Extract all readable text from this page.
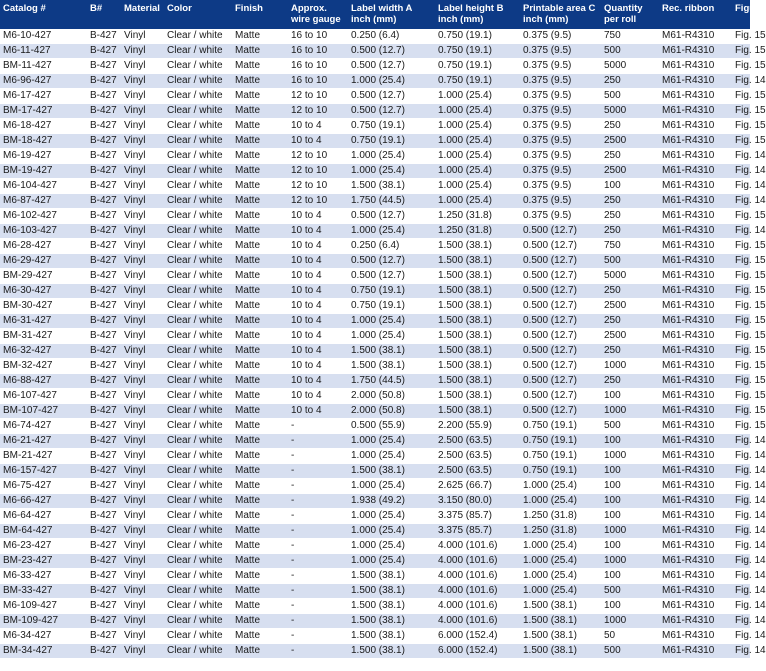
Catalog #	B#	Material	Color	Finish	Approx. wire gauge	Label width A inch (mm)	Label height B inch (mm)	Printable area C inch (mm)	Quantity per roll	Rec. ribbon	Figure
M6-10-427	B-427	Vinyl	Clear / white	Matte	16 to 10	0.250 (6.4)	0.750 (19.1)	0.375 (9.5)	750	M61-R4310	Fig. 15
M6-11-427	B-427	Vinyl	Clear / white	Matte	16 to 10	0.500 (12.7)	0.750 (19.1)	0.375 (9.5)	500	M61-R4310	Fig. 15
BM-11-427	B-427	Vinyl	Clear / white	Matte	16 to 10	0.500 (12.7)	0.750 (19.1)	0.375 (9.5)	5000	M61-R4310	Fig. 15
M6-96-427	B-427	Vinyl	Clear / white	Matte	16 to 10	1.000 (25.4)	0.750 (19.1)	0.375 (9.5)	250	M61-R4310	Fig. 14
M6-17-427	B-427	Vinyl	Clear / white	Matte	12 to 10	0.500 (12.7)	1.000 (25.4)	0.375 (9.5)	500	M61-R4310	Fig. 15
BM-17-427	B-427	Vinyl	Clear / white	Matte	12 to 10	0.500 (12.7)	1.000 (25.4)	0.375 (9.5)	5000	M61-R4310	Fig. 15
M6-18-427	B-427	Vinyl	Clear / white	Matte	10 to 4	0.750 (19.1)	1.000 (25.4)	0.375 (9.5)	250	M61-R4310	Fig. 15
BM-18-427	B-427	Vinyl	Clear / white	Matte	10 to 4	0.750 (19.1)	1.000 (25.4)	0.375 (9.5)	2500	M61-R4310	Fig. 15
M6-19-427	B-427	Vinyl	Clear / white	Matte	12 to 10	1.000 (25.4)	1.000 (25.4)	0.375 (9.5)	250	M61-R4310	Fig. 14
BM-19-427	B-427	Vinyl	Clear / white	Matte	12 to 10	1.000 (25.4)	1.000 (25.4)	0.375 (9.5)	2500	M61-R4310	Fig. 14
M6-104-427	B-427	Vinyl	Clear / white	Matte	12 to 10	1.500 (38.1)	1.000 (25.4)	0.375 (9.5)	100	M61-R4310	Fig. 14
M6-87-427	B-427	Vinyl	Clear / white	Matte	12 to 10	1.750 (44.5)	1.000 (25.4)	0.375 (9.5)	250	M61-R4310	Fig. 14
M6-102-427	B-427	Vinyl	Clear / white	Matte	10 to 4	0.500 (12.7)	1.250 (31.8)	0.375 (9.5)	250	M61-R4310	Fig. 15
M6-103-427	B-427	Vinyl	Clear / white	Matte	10 to 4	1.000 (25.4)	1.250 (31.8)	0.500 (12.7)	250	M61-R4310	Fig. 14
M6-28-427	B-427	Vinyl	Clear / white	Matte	10 to 4	0.250 (6.4)	1.500 (38.1)	0.500 (12.7)	750	M61-R4310	Fig. 15
M6-29-427	B-427	Vinyl	Clear / white	Matte	10 to 4	0.500 (12.7)	1.500 (38.1)	0.500 (12.7)	500	M61-R4310	Fig. 15
BM-29-427	B-427	Vinyl	Clear / white	Matte	10 to 4	0.500 (12.7)	1.500 (38.1)	0.500 (12.7)	5000	M61-R4310	Fig. 15
M6-30-427	B-427	Vinyl	Clear / white	Matte	10 to 4	0.750 (19.1)	1.500 (38.1)	0.500 (12.7)	250	M61-R4310	Fig. 15
BM-30-427	B-427	Vinyl	Clear / white	Matte	10 to 4	0.750 (19.1)	1.500 (38.1)	0.500 (12.7)	2500	M61-R4310	Fig. 15
M6-31-427	B-427	Vinyl	Clear / white	Matte	10 to 4	1.000 (25.4)	1.500 (38.1)	0.500 (12.7)	250	M61-R4310	Fig. 15
BM-31-427	B-427	Vinyl	Clear / white	Matte	10 to 4	1.000 (25.4)	1.500 (38.1)	0.500 (12.7)	2500	M61-R4310	Fig. 15
M6-32-427	B-427	Vinyl	Clear / white	Matte	10 to 4	1.500 (38.1)	1.500 (38.1)	0.500 (12.7)	250	M61-R4310	Fig. 15
BM-32-427	B-427	Vinyl	Clear / white	Matte	10 to 4	1.500 (38.1)	1.500 (38.1)	0.500 (12.7)	1000	M61-R4310	Fig. 15
M6-88-427	B-427	Vinyl	Clear / white	Matte	10 to 4	1.750 (44.5)	1.500 (38.1)	0.500 (12.7)	250	M61-R4310	Fig. 15
M6-107-427	B-427	Vinyl	Clear / white	Matte	10 to 4	2.000 (50.8)	1.500 (38.1)	0.500 (12.7)	100	M61-R4310	Fig. 15
BM-107-427	B-427	Vinyl	Clear / white	Matte	10 to 4	2.000 (50.8)	1.500 (38.1)	0.500 (12.7)	1000	M61-R4310	Fig. 15
M6-74-427	B-427	Vinyl	Clear / white	Matte	-	0.500 (55.9)	2.200 (55.9)	0.750 (19.1)	500	M61-R4310	Fig. 15
M6-21-427	B-427	Vinyl	Clear / white	Matte	-	1.000 (25.4)	2.500 (63.5)	0.750 (19.1)	100	M61-R4310	Fig. 14
BM-21-427	B-427	Vinyl	Clear / white	Matte	-	1.000 (25.4)	2.500 (63.5)	0.750 (19.1)	1000	M61-R4310	Fig. 14
M6-157-427	B-427	Vinyl	Clear / white	Matte	-	1.500 (38.1)	2.500 (63.5)	0.750 (19.1)	100	M61-R4310	Fig. 14
M6-75-427	B-427	Vinyl	Clear / white	Matte	-	1.000 (25.4)	2.625 (66.7)	1.000 (25.4)	100	M61-R4310	Fig. 14
M6-66-427	B-427	Vinyl	Clear / white	Matte	-	1.938 (49.2)	3.150 (80.0)	1.000 (25.4)	100	M61-R4310	Fig. 14
M6-64-427	B-427	Vinyl	Clear / white	Matte	-	1.000 (25.4)	3.375 (85.7)	1.250 (31.8)	100	M61-R4310	Fig. 14
BM-64-427	B-427	Vinyl	Clear / white	Matte	-	1.000 (25.4)	3.375 (85.7)	1.250 (31.8)	1000	M61-R4310	Fig. 14
M6-23-427	B-427	Vinyl	Clear / white	Matte	-	1.000 (25.4)	4.000 (101.6)	1.000 (25.4)	100	M61-R4310	Fig. 14
BM-23-427	B-427	Vinyl	Clear / white	Matte	-	1.000 (25.4)	4.000 (101.6)	1.000 (25.4)	1000	M61-R4310	Fig. 14
M6-33-427	B-427	Vinyl	Clear / white	Matte	-	1.500 (38.1)	4.000 (101.6)	1.000 (25.4)	100	M61-R4310	Fig. 14
BM-33-427	B-427	Vinyl	Clear / white	Matte	-	1.500 (38.1)	4.000 (101.6)	1.000 (25.4)	500	M61-R4310	Fig. 14
M6-109-427	B-427	Vinyl	Clear / white	Matte	-	1.500 (38.1)	4.000 (101.6)	1.500 (38.1)	100	M61-R4310	Fig. 14
BM-109-427	B-427	Vinyl	Clear / white	Matte	-	1.500 (38.1)	4.000 (101.6)	1.500 (38.1)	1000	M61-R4310	Fig. 14
M6-34-427	B-427	Vinyl	Clear / white	Matte	-	1.500 (38.1)	6.000 (152.4)	1.500 (38.1)	50	M61-R4310	Fig. 14
BM-34-427	B-427	Vinyl	Clear / white	Matte	-	1.500 (38.1)	6.000 (152.4)	1.500 (38.1)	500	M61-R4310	Fig. 14
